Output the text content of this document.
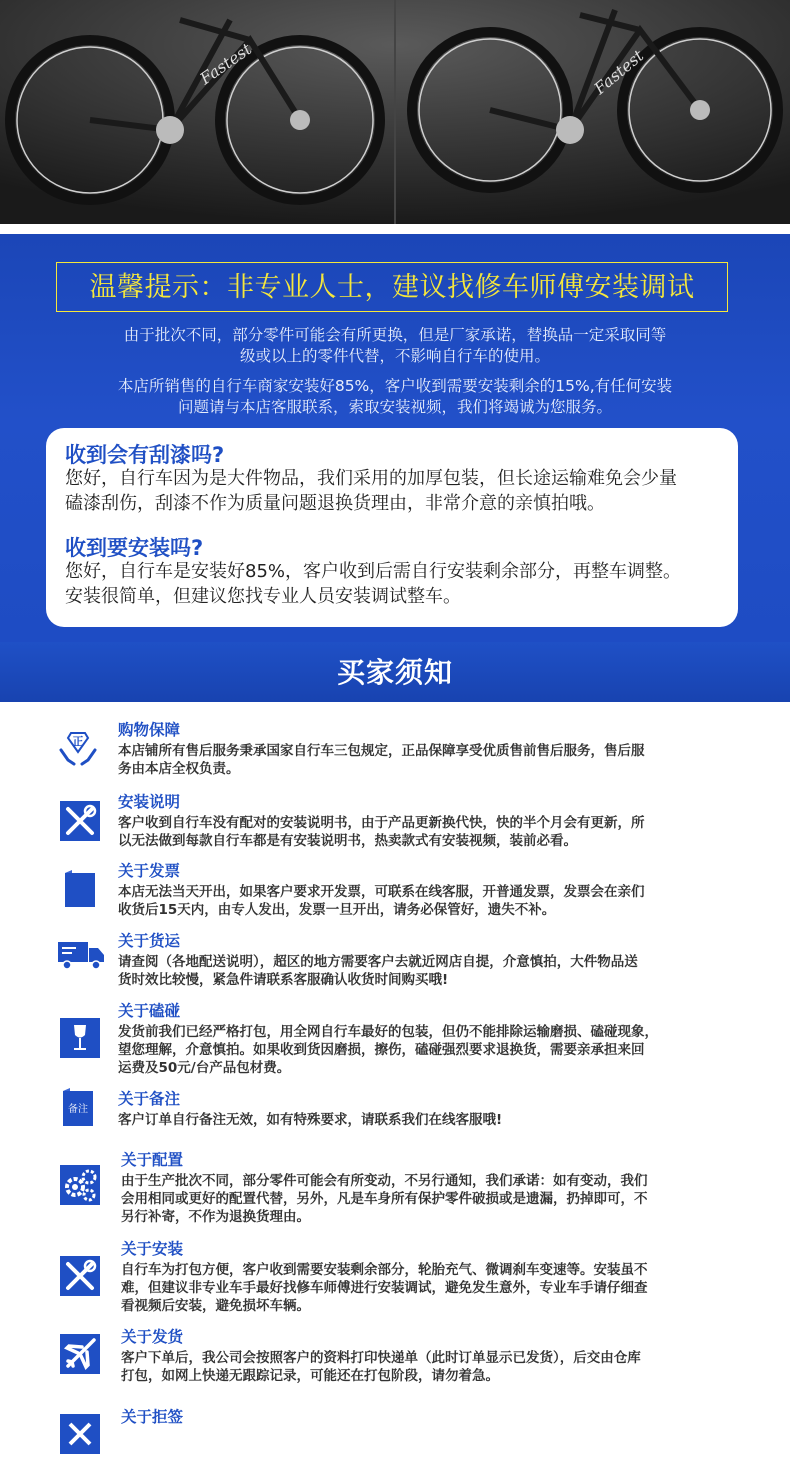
Fastest	Fastest
温馨提示：非专业人士，建议找修车师傅安装调试
由于批次不同，部分零件可能会有所更换，但是厂家承诺，替换品一定采取同等
级或以上的零件代替，不影响自行车的使用。
本店所销售的自行车商家安装好85%，客户收到需要安装剩余的15%,有任何安装
问题请与本店客服联系，索取安装视频，我们将竭诚为您服务。
收到会有刮漆吗?
您好，自行车因为是大件物品，我们采用的加厚包装，但长途运输难免会少量
磕漆刮伤，刮漆不作为质量问题退换货理由，非常介意的亲慎拍哦。
收到要安装吗?
您好，自行车是安装好85%，客户收到后需自行安装剩余部分，再整车调整。
安装很简单，但建议您找专业人员安装调试整车。
买家须知
正
购物保障
本店铺所有售后服务秉承国家自行车三包规定，正品保障享受优质售前售后服务，售后服
务由本店全权负责。
安装说明
客户收到自行车没有配对的安装说明书，由于产品更新换代快，快的半个月会有更新，所
以无法做到每款自行车都是有安装说明书，热卖款式有安装视频，装前必看。
关于发票
本店无法当天开出，如果客户要求开发票，可联系在线客服，开普通发票，发票会在亲们
收货后15天内，由专人发出，发票一旦开出，请务必保管好，遗失不补。
关于货运
请查阅（各地配送说明），超区的地方需要客户去就近网店自提，介意慎拍，大件物品送
货时效比较慢，紧急件请联系客服确认收货时间购买哦!
关于磕碰
发货前我们已经严格打包，用全网自行车最好的包装，但仍不能排除运输磨损、磕碰现象，
望您理解，介意慎拍。如果收到货因磨损，擦伤，磕碰强烈要求退换货，需要亲承担来回
运费及50元/台产品包材费。
备注
关于备注
客户订单自行备注无效，如有特殊要求，请联系我们在线客服哦!
关于配置
由于生产批次不同，部分零件可能会有所变动，不另行通知，我们承诺：如有变动，我们
会用相同或更好的配置代替，另外，凡是车身所有保护零件破损或是遗漏，扔掉即可，不
另行补寄，不作为退换货理由。
关于安装
自行车为打包方便，客户收到需要安装剩余部分，轮胎充气、微调刹车变速等。安装虽不
难，但建议非专业车手最好找修车师傅进行安装调试，避免发生意外，专业车手请仔细查
看视频后安装，避免损坏车辆。
关于发货
客户下单后，我公司会按照客户的资料打印快递单（此时订单显示已发货），后交由仓库
打包，如网上快递无跟踪记录，可能还在打包阶段，请勿着急。
关于拒签
